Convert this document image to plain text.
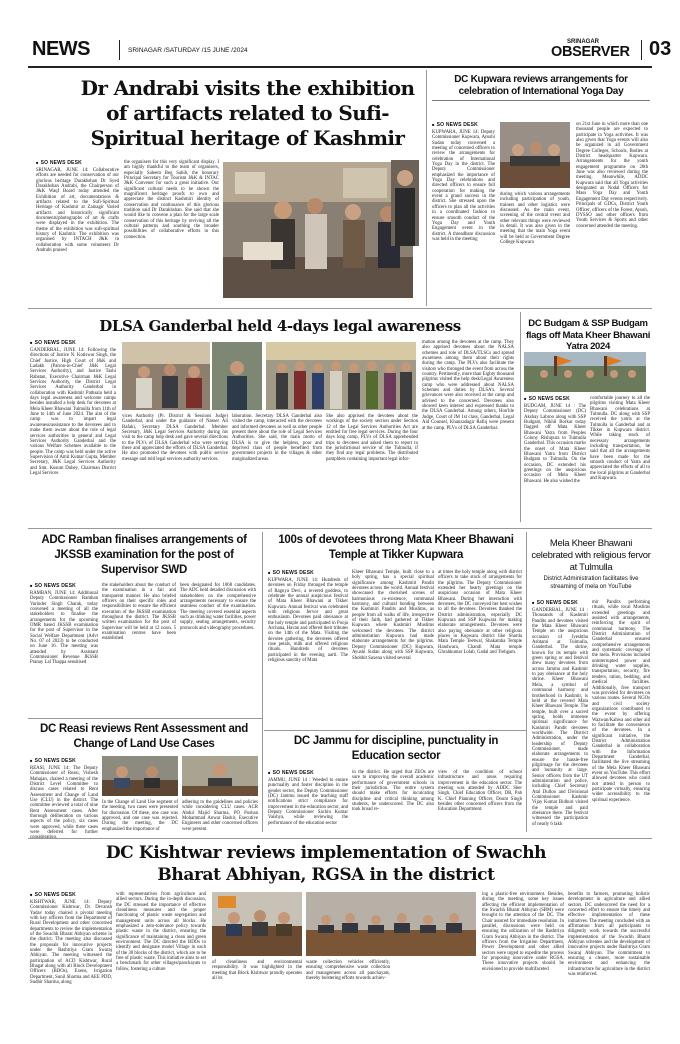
NEWS	SRINAGAR /SATURDAY /15 JUNE /2024
SRINAGAR
OBSERVER 03
Dr Andrabi visits the exhibition of artifacts related to Sufi-Spiritual heritage of Kashmir
■ SO NEWS DESK
SRINAGAR, JUNE 14: Collaborative efforts are needed for conservation of our glorious heritage Darakhshan Dr Syed Darakhshan Andrabi, the Chairperson of J&K Waqf Board today attended the Exhibition of art, documentations & artifacts related to the Sufi-Spiritual Heritage of Kashmir at Zainagir Varied artifacts and historically significant documents/photographs of art & crafts were displayed in the exhibition. The theme of the exhibition was sufi-spiritual history of Kashmir. The exhibition was organised by INTACH J&K in collaboration with some volunteers Dr Andrabi praised
the organisers for this very significant display. I am highly thankful to the team of organisers, especially Saleem Beg Sahib, the honorary Principal Secretary for Tourism J&K & INTAC J&K Convener for such a great initiative. Our significant cultural needs to be shown the magnificent heritage proofs to own and appreciate the distinct Kashmiri identity of conservation and continuance of this glorious tradition said Dr Darakhshan. She said that she would like to convene a plan for the large scale conservation of this heritage by reviving all the cultural patterns and soothing the broader possibilities of collaborative efforts in this connection.
DC Kupwara reviews arrangements for celebration of International Yoga Day
■ SO NEWS DESK
KUPWARA, JUNE 14: Deputy Commissioner Kupwara, Ayushi Sudan today convened a meeting of concerned officers to review the arrangements for celebration of International Yoga Day in the district. The Deputy Commissioner emphasized the importance of Yoga Day celebrations and directed officers to ensure full cooperation for making the event a grand success in the district. She stressed upon the officers to plan all the activities in a coordinated fashion to ensure smooth conduct of the Yoga Day and Youth Engagement event in the district. A threadbare discussion was held in the meeting
during which various arrangements including participation of youth, trainers and other logistics were discussed. As the main event, screening of the central event and other relevant things were reviewed in detail. It was also given in the meeting that the main Yoga event will be held at Government Degree College Kupwara
on 21st June in which more than one thousand people are expected to participate in Yoga activities. It was also given that Yoga events will also be organized in all Government Degree Colleges, Schools, Bodies at District headquarter Kupwara. Arrangements for the youth engagement programme on 20th June was also reviewed during the meeting. Meanwhile, ADDC Kupwara said that all Yoga activities designated as Nodal Officers for Mass Yoga Day and Youth Engagement Day events respectively. Principals of GDCs, District Youth Officer, officers of the Forest, Ayush, DYSSO and other officers from Youth Services & Sports and other concerned attended the meeting.
DLSA Ganderbal held 4-days legal awareness
■ SO NEWS DESK
GANDERBAL, JUNE 14: Following the directions of Justice N. Kotiswar Singh, the Chief Justice, High Court of J&K and Ladakh (Patron-in-Chief J&K Legal Services Authority), and Justice Tashi Rabstan, Executive Chairman J&K Legal Services Authority, the District Legal Services Authority Ganderbal in collaboration with Kashmir Pathsala held a days legal awareness and welcome camps besides installed a help desk for devotees at Mela Kheer Bhawani Tulmulla from 11th of June to 14th of June 2024. The aim of the camp was to impart legal awareness/assistance to the devotees and to make them aware about the role of legal services authorities in general and Legal Services Authority Ganderbal and the various Welfare Schemes available to the people. The camp was held under the active Supervision of Amit Kumar Gupta, Member Secretary, J&K Legal Services Authority and Smt. Kusum Dubey, Chairman District Legal Services
vices Authority (Pr. District & Sessions Judge) Ganderbal, and under the guidance of Nasser Ali Bafaki, Secretary DLSA Ganderbal. Member Secretary, J&K Legal Services Authority during his visit to the camp help desk and gave several directions to the PLVs of DLSA Ganderbal who were serving there and appreciated the efforts of DLSA Ganderbal. He also promoted the devotees with public service message and told legal services authority services.
laboration. Secretary DLSA Ganderbal also visited the camp, interacted with the devotees and informed devotees as well as other people present there about the role of Legal Services Authorities. She said, the main motto of DLSA is to give the helpless, poor and deprived class of people benefited from government projects in the villages & other marginalized areas.
She also apprised the devotees about the workings of the society section under Section 12 of the Legal Services Authorities Act are entitled for free legal services. During the four days long camp, PLVs of DLSA apprehended trips to devotees and asked them to report to the jurisdictional service of the Tulmulla, if they find any legal problems. The distributed pamphlets containing important legal infor-
mation among the devotees at the camp. They also apprised devotees about the NALSA schemes and role of DLSA/TLSCs and spread awareness among them about their rights during the camp. The PLVs also facilitate the visitors who thronged the event from across the country. Pertinently, more than Eighty thousand pilgrims visited the help desk/Legal Awareness camp who were addressed about NALSA Schemes and duties by DLSA's. Several grievances were also received at the camp and advised to the concerned. Devotees also showed keen interest and expressed thanks to the DLSA Ganderbal. Among others, Hon'ble Judge, Court of JM 1st class, Ganderbal, Legal Aid Counsel, Khanzadagir Rafiq were present at the camp. PLVs of DLSA Ganderbal.
DC Budgam & SSP Budgam flags off Mata Kheer Bhawani Yatra 2024
■ SO NEWS DESK
BUDGAM, JUNE 14 : The Deputy Commissioner (DC) Akshay Labroo along with SSP Budgam, Nikhil Borkar today flagged off Mata Kheer Bhawani Yatra from Peoples Colony Rishipura to Tulmulla Ganderbal. This occasion marks the onset of Mata Kheer Bhawani Yatra from District Budgam to Tulmulla. On the occasion, DC extended his greetings on the auspicious occasion of Mela Kheer Bhawani. He also wished the
comfortable journey to all the pilgrims visiting Mata Kheer Bhawani celebrations at Tulmulla. DC along with SSP received the yatris at the Tulmulla in Ganderbal and at Tikker in Kupwara district. While taking stock of necessary arrangements including transportation, he said that all the arrangements have been made for the smooth conduct of Yatra and appreciated the efforts of all to the local pilgrims at Ganderbal and Kupwara.
ADC Ramban finalises arrangements of JKSSB examination for the post of Supervisor SWD
■ SO NEWS DESK
RAMBAN, JUNE 14: Additional Deputy Commissioner Ramban Varinder Singh Charak, today convened a meeting of all the stakeholders to finalise the arrangements for the upcoming OMR based JKSSB examination for the post of Supervisor in the Social Welfare Department (Advt No. 07 of 2023) to be conducted on June 16. The meeting was attended by Assistant Commissioner Revenue JKSSB Pranay Lal Thappa sensitised
the stakeholders about the conduct of the examination in a fair and transparent manner. He also briefed officers on their specific roles and responsibilities to ensure the efficient execution of the JKSSB examination throughout the district. The JKSSB written examination for the post of Supervisor will be held at 12 noon. 5 examination centres have been established
been designated for 1068 candidates. The ADC held detailed discussion with stakeholders on the comprehensive arrangements necessary to ensure the seamless conduct of the examination. The meeting covered essential aspects such as drinking water facilities, power supply, seating arrangements, security protocols and videography procedures.
100s of devotees throng Mata Kheer Bhawani Temple at Tikker Kupwara
■ SO NEWS DESK
KUPWARA, JUNE 14: Hundreds of devotees on Friday thronged the temple of Ragnya Devi, a revered goddess, to celebrate the annual auspicious festival of Mata Kheer Bhawani at Tikker Kupwara. Annual festival was celebrated with religious fervor and great enthusiasm. Devotees paid obeisance at the holy temple and participated in Pooja Archana, Havan and offered their tributes on the 14th of the Mata. Visiting the devotee gathering, the devotees offered rose petals, milk and offered religious rituals. Hundreds of devotees participated in the evening aarti. The religious sanctity of Mata
Kheer Bhawani Temple, built close to a holy spring, has a special spiritual significance among Kashmiri Pandit devotees across the world. Annual festival showcased the cherished scenes of harmonious co-existence, communal harmony, and cultural bonding between the Kashmiri Pandits and Muslims, as people from all walks of life, irrespective of their faith, had gathered at Tikker Kupwara where Kashmiri Muslims welcomed the devotees. The district administration Kupwara had made elaborate arrangements for the pilgrims. Deputy Commissioner (DC) Kupwara, Ayushi Sudan along with SSP Kupwara, Shobhit Saxena visited several
at times the holy temple along with district officers to take stock of arrangements for the pilgrims. The Deputy Commissioner extended her hearty greetings on the auspicious occasion of Mata Kheer Bhawani. During her interaction with devotees, the DC conveyed her best wishes to all the devotees. Devotees thanked the District administration, especially DC Kupwara and SSP Kupwara for making elaborate arrangements. Devotees were also paying obeisance at other religious places in Kupwara district like Sharda Mata Temple Teetwal, Shakamba Temple Handwara, Chandi Mata temple Ghrahkumar Lolab, Gadal and Trehgam.
Mela Kheer Bhawani celebrated with religious fervor at Tulmulla
District Administration facilitates live streaming of mela on YouTube
■ SO NEWS DESK
GANDERBAL, JUNE 14 : Thousands of Kashmiri Pandits and devotees visited the Mata Kheer Bhawani Temple on the auspicious occasion of Jyeshtha Ashtami at Tulmulla, Ganderbal. The shrine, known for its temple with green spring or and festival drew many devotees from across Jammu and Kashmir to pay obeisance at the holy shrine. Kheer Bhawani Mela, a symbol of communal harmony and brotherhood in Kashmir, is held at the revered Mata Kheer Bhawani Temple. The temple, built over a sacred spring, holds immense spiritual significance for Kashmiri Pandit devotees worldwide. The District Administration, under the leadership of Deputy Commissioner, made elaborate arrangements to ensure the hassle-free pilgrimage for the devotees and humanity at large. Senior officers from the UT administration and police, including Chief Secretary Atal Dulloo and Divisional Commissioner Kashmir Vijay Kumar Bidhuri visited the temple and paid obeisance there. The festival witnessed the participation of nearly 6 lakh
mir Pandits performing rituals, while local Muslims extended greetings and assisted with arrangements, reinforcing the spirit of communal harmony. The District Administration of Ganderbal ensured comprehensive arrangements and systematic coverage of the mela. Provisions included uninterrupted power and drinking water supplies, transportation, security, fire tenders, ration, bedding, and medical facilities. Additionally, free transport was provided for devotees on various routes. Several NGOs and civil society organizations contributed to the event by offering Wazwan/Kahwa and other aid to facilitate the convenience of the devotees. In a significant initiative, the District Administration Ganderbal in collaboration with the Information Department Ganderbal, facilitated the live streaming of the Mela Kheer Bhawani event on YouTube. This effort allowed devotees who could not attend in person to participate virtually, ensuring wider accessibility to the spiritual experience.
DC Reasi reviews Rent Assessment and Change of Land Use Cases
■ SO NEWS DESK
REASI, JUNE 14: The Deputy Commissioner of Reasi, Vishesh Mahajan, chaired a meeting of the District Level Committee to discuss cases related to Rent Assessment and Change of Land Use (CLU) in the district. The committee reviewed a total of nine Rent Assessment cases. After thorough deliberation on various aspects of the policy, six cases were approved, while three cases were deferred for further
In the Change of Land Use segment of the meeting, two cases were presented for discussion. Of these, one case was approved, and one case was rejected. During the meeting, the DC emphasized the importance of
adhering to the guidelines and policies while considering CLU cases. ACR Abdul Majid Sharma, PO Poshan Mohammad Anwar Bashir, Executive Engineers and other concerned officers were present.
DC Jammu for discipline, punctuality in Education sector
■ SO NEWS DESK
JAMMU, JUNE 14 : Weeded to ensure punctuality and foster discipline in the gender sector, the Deputy Commissioner (DC) Jammu issued the teaching staff notifications strict compliance for improvement in the education sector, and Deputy Commissioner Sachin Kumar Vaishya, while reviewing the performance of the education sector
in the district. He urged that ZEOs are sure to improving the overall academic performance of government schools in their jurisdiction. The entire system should make efforts for inculcating discipline and critical thinking among students, he underscored. The DC also took broad re-
view of the condition of school infrastructure and areas requiring improvement in the education sector. The meeting was attended by ADDC Sher Singh, Chief Education Officer, DR, Pab K. Chief Planning Officer, Doum Singh besides other concerned officers from the Education Department.
DC Kishtwar reviews implementation of Swachh Bharat Abhiyan, RGSA in the district
■ SO NEWS DESK
KISHTWAR, JUNE 14: Deputy Commissioner Kishtwar, Dr. Devansh Yadav today chaired a pivotal meeting with key officers from the Department of Rural Development and other concerned departments to review the implementation of the Swachh Bharat Abhiyan scheme in the district. The meeting also discussed the proposals for innovative projects under the Rashtriya Gram Swaraj Abhiyan. The meeting witnessed the participation of ACD Kishtwar, Rural Bhagat along with all Block Development Officers (BDOs), Exens, Irrigation Department, Sunil Sharma and AEE PDD, Sudhir Sharma, along
with representatives from agriculture and allied sectors. During the in-depth discussion, the DC stressed the importance of effective cleanliness measures and the proper functioning of plastic waste segregation and management units across all blocks. He emphasized a zero-tolerance policy towards plastic waste in the district, ensuring the significance of maintaining a clean and green environment. The DC directed the BDOs to identify and designate model Village in each of the 30 blocks of the district, which are to be free of plastic waste. This initiative aims to set a benchmark for other villages/panchayats to follow, fostering a culture
of cleanliness and environmental responsibility. It was highlighted in the meeting that Block Kishtwar proudly operates all its
waste collection vehicles efficiently, ensuring comprehensive waste collection and management across all panchayats, thereby bolstering efforts towards achiev-
ing a plastic-free environment. Besides, during the meeting, some key issues affecting the efficient implementation of the Swachh Bharat Abhiyan (SBM) were brought to the attention of the DC. The Chair assured for immediate resolution. In parallel, discussions were held on ensuring the utilization of the Rashtriya Gram Swaraj Abhiyan in the district. The officers from the Irrigation Department, Power Development and other allied sectors were urged to expedite the process for proposing innovative under RGSA. These innovative projects should be envisioned to provide multifaceted
benefits to farmers, promoting holistic development in agriculture and allied sectors. DC underscored the need for a concerted effort to ensure the timely and effective implementation of these initiatives. The meeting concluded with an affirmation from all participants to diligently work towards the successful implementation of the Swachh Bharat Abhiyan schemes and the development of innovative projects under Rashtriya Gram Swaraj Abhiyan. The commitment to ensuring a cleaner, more sustainable environment and enhancing the infrastructure for agriculture in the district was reinforced.
